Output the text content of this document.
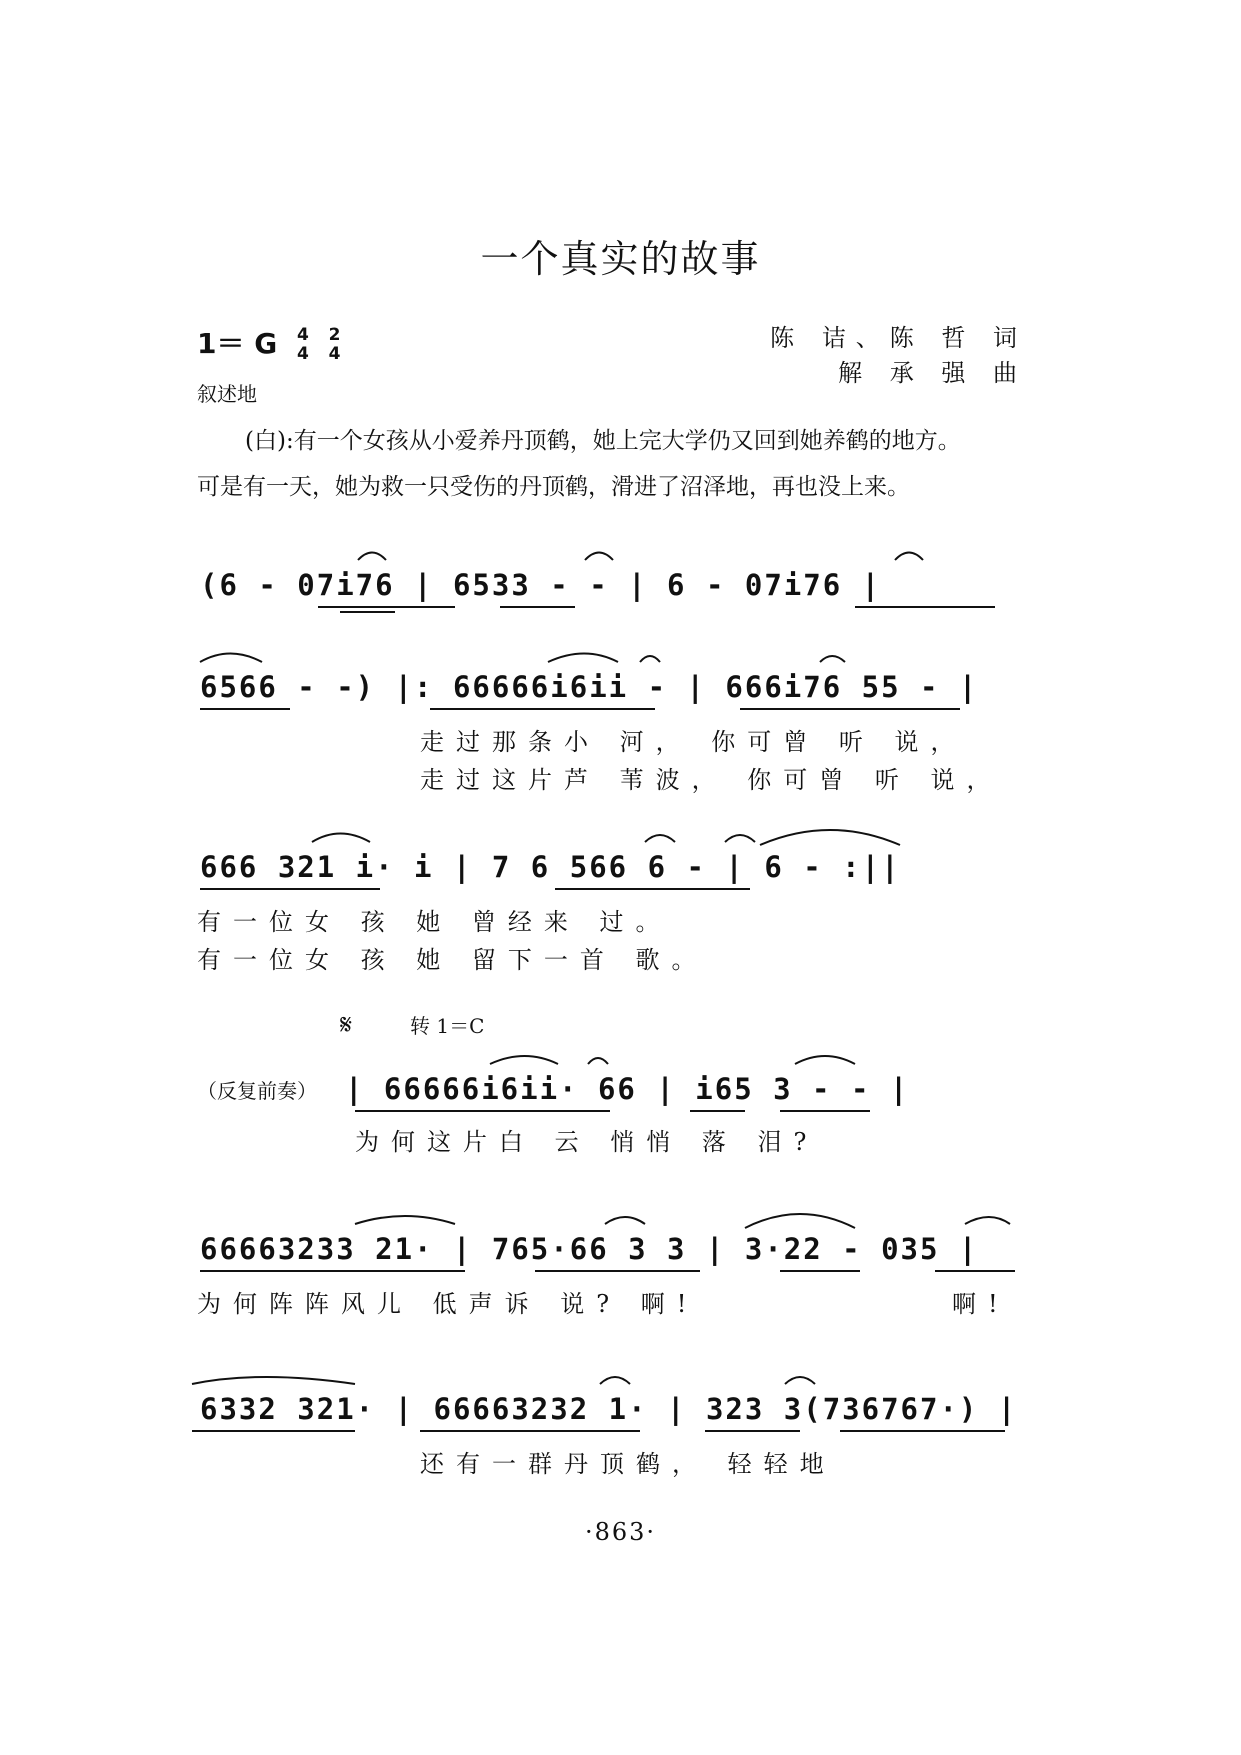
一个真实的故事
1＝ G 4
4

2
4
陈 诘、陈 哲 词
解 承 强 曲
叙述地
(白):有一个女孩从小爱养丹顶鹤，她上完大学仍又回到她养鹤的地方。
可是有一天，她为救一只受伤的丹顶鹤，滑进了沼泽地，再也没上来。
(6 - 07i76 | 6533 - - | 6 - 07i76 |
6566 - -) |: 66666i6ii - | 666i76 55 - |
走过那条小 河， 你可曾 听 说，
走过这片芦 苇波， 你可曾 听 说，
666 321 i· i | 7 6 566 6 - | 6 - :||
有一位女 孩 她 曾经来 过。
有一位女 孩 她 留下一首 歌。
𝄋	转 1＝C
（反复前奏） | 66666i6ii· 66 | i65 3 - - |
为何这片白 云 悄悄 落 泪?
66663233 21· | 765·66 3 3 | 3·22 - 035 |
为何阵阵风儿 低声诉 说? 啊!	啊!
6332 321· | 66663232 1· | 323 3(736767·) |
还有一群丹顶鹤， 轻轻地
·863·
